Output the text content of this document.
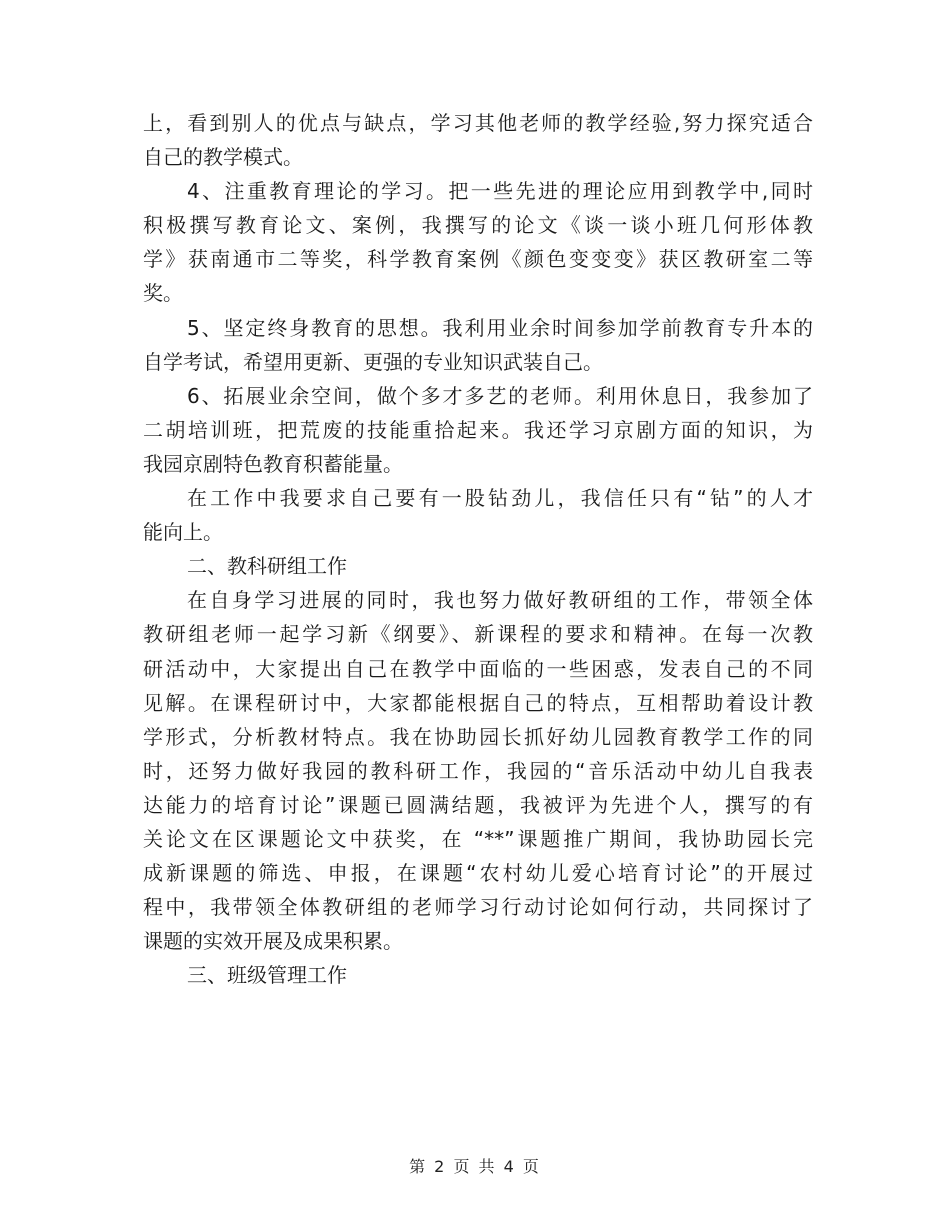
上，看到别人的优点与缺点，学习其他老师的教学经验,努力探究适合
自己的教学模式。
4、注重教育理论的学习。把一些先进的理论应用到教学中,同时
积极撰写教育论文、案例，我撰写的论文《谈一谈小班几何形体教
学》获南通市二等奖，科学教育案例《颜色变变变》获区教研室二等
奖。
5、坚定终身教育的思想。我利用业余时间参加学前教育专升本的
自学考试，希望用更新、更强的专业知识武装自己。
6、拓展业余空间，做个多才多艺的老师。利用休息日，我参加了
二胡培训班，把荒废的技能重拾起来。我还学习京剧方面的知识，为
我园京剧特色教育积蓄能量。
在工作中我要求自己要有一股钻劲儿，我信任只有“钻”的人才
能向上。
二、教科研组工作
在自身学习进展的同时，我也努力做好教研组的工作，带领全体
教研组老师一起学习新《纲要》、新课程的要求和精神。在每一次教
研活动中，大家提出自己在教学中面临的一些困惑，发表自己的不同
见解。在课程研讨中，大家都能根据自己的特点，互相帮助着设计教
学形式，分析教材特点。我在协助园长抓好幼儿园教育教学工作的同
时，还努力做好我园的教科研工作，我园的“音乐活动中幼儿自我表
达能力的培育讨论”课题已圆满结题，我被评为先进个人，撰写的有
关论文在区课题论文中获奖，在 “**”课题推广期间，我协助园长完
成新课题的筛选、申报，在课题“农村幼儿爱心培育讨论”的开展过
程中，我带领全体教研组的老师学习行动讨论如何行动，共同探讨了
课题的实效开展及成果积累。
三、班级管理工作
第 2 页 共 4 页
